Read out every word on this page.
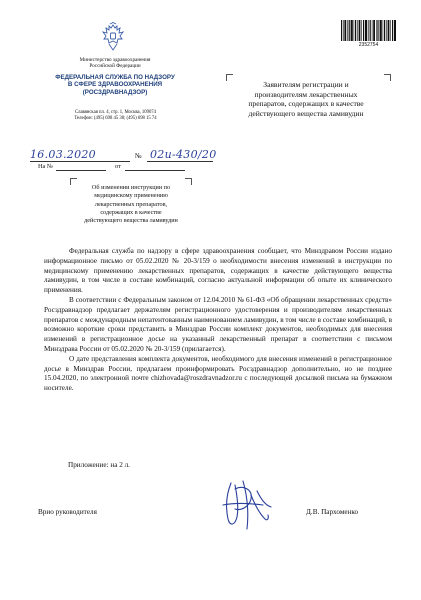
Министерство здравоохранения
Российской Федерации
ФЕДЕРАЛЬНАЯ СЛУЖБА ПО НАДЗОРУ
В СФЕРЕ ЗДРАВООХРАНЕНИЯ
(РОСЗДРАВНАДЗОР)
Славянская пл. 4, стр. 1, Москва, 109074
Телефон: (495) 698 45 38; (495) 698 15 74
2352754
Заявителям регистрации и
производителям лекарственных
препаратов, содержащих в качестве
действующего вещества ламивудин
16.03.2020	№ 02и-430/20
На №	от
Об изменении инструкции по
медицинскому применению
лекарственных препаратов,
содержащих в качестве
действующего вещества ламивудин

Федеральная служба по надзору в сфере здравоохранения сообщает, что Минздравом России издано информационное письмо от 05.02.2020 № 20-3/159 о необходимости внесения изменений в инструкции по медицинскому применению лекарственных препаратов, содержащих в качестве действующего вещества ламивудин, в том числе в составе комбинаций, согласно актуальной информации об опыте их клинического применения.

В соответствии с Федеральным законом от 12.04.2010 № 61-ФЗ «Об обращении лекарственных средств» Росздравнадзор предлагает держателям регистрационного удостоверения и производителям лекарственных препаратов с международным непатентованным наименованием ламивудин, в том числе в составе комбинаций, в возможно короткие сроки представить в Минздрав России комплект документов, необходимых для внесения изменений в регистрационное досье на указанный лекарственный препарат в соответствии с письмом Минздрава России от 05.02.2020 № 20-3/159 (прилагается).

О дате представления комплекта документов, необходимого для внесения изменений в регистрационное досье в Минздрав России, предлагаем проинформировать Росздравнадзор дополнительно, но не позднее 15.04.2020, по электронной почте chizhovada@roszdravnadzor.ru с последующей досылкой письма на бумажном носителе.

Приложение: на 2 л.
Врио руководителя	Д.В. Пархоменко
